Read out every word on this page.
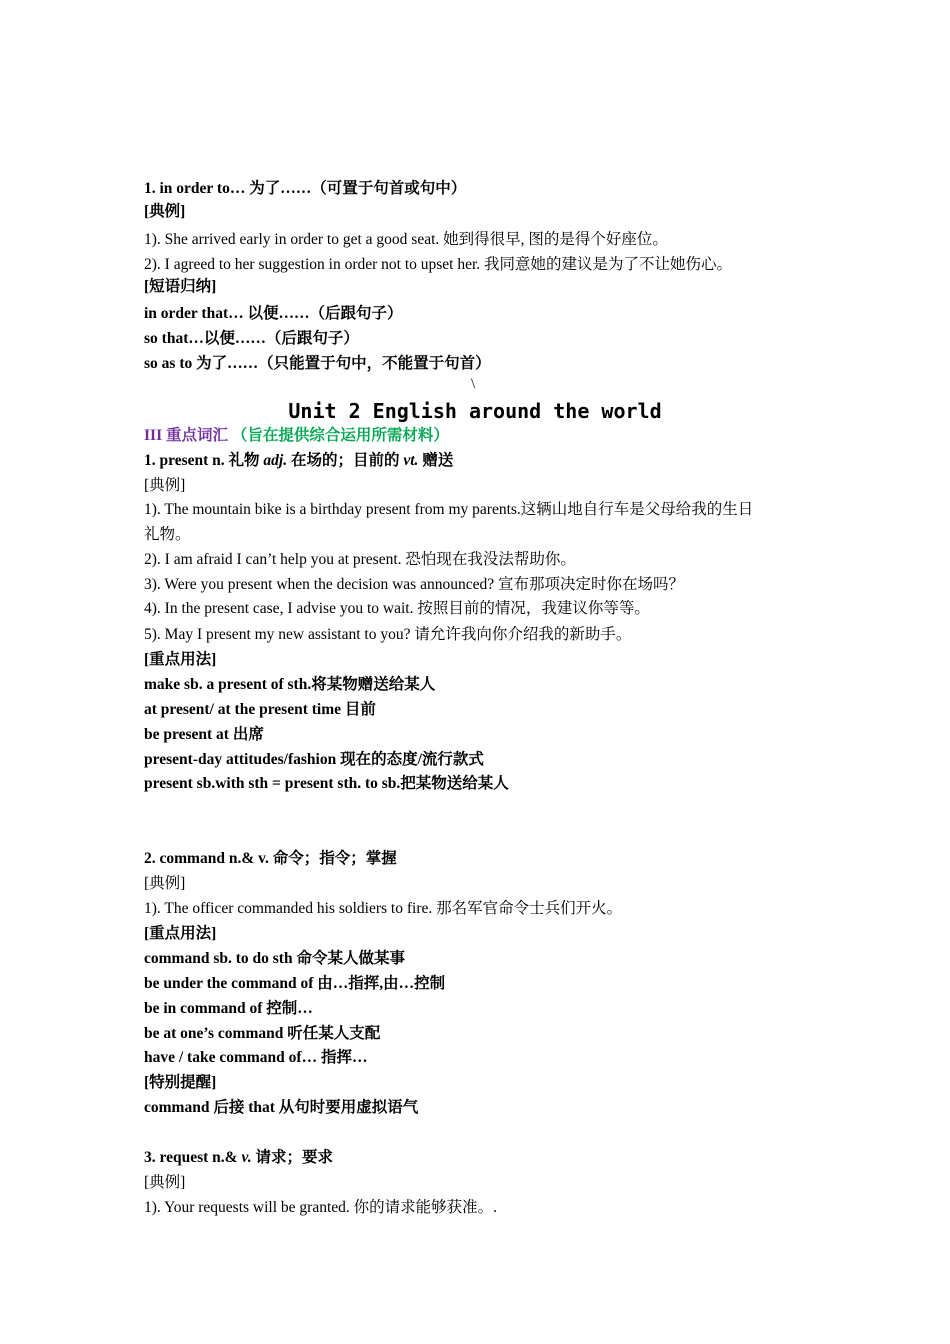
1. in order to… 为了……（可置于句首或句中）
[典例]
1). She arrived early in order to get a good seat. 她到得很早, 图的是得个好座位。
2). I agreed to her suggestion in order not to upset her. 我同意她的建议是为了不让她伤心。
[短语归纳]
in order that… 以便……（后跟句子）
so that…以便……（后跟句子）
so as to 为了……（只能置于句中，不能置于句首）
\
Unit 2 English around the world
III 重点词汇 （旨在提供综合运用所需材料）
1. present n. 礼物 adj. 在场的；目前的 vt. 赠送
[典例]
1). The mountain bike is a birthday present from my parents.这辆山地自行车是父母给我的生日
礼物。
2). I am afraid I can’t help you at present. 恐怕现在我没法帮助你。
3). Were you present when the decision was announced? 宣布那项决定时你在场吗？
4). In the present case, I advise you to wait. 按照目前的情况，我建议你等等。
5). May I present my new assistant to you? 请允许我向你介绍我的新助手。
[重点用法]
make sb. a present of sth.将某物赠送给某人
at present/ at the present time 目前
be present at 出席
present-day attitudes/fashion 现在的态度/流行款式
present sb.with sth = present sth. to sb.把某物送给某人
2. command n.& v. 命令；指令；掌握
[典例]
1). The officer commanded his soldiers to fire. 那名军官命令士兵们开火。
[重点用法]
command sb. to do sth 命令某人做某事
be under the command of 由…指挥,由…控制
be in command of 控制…
be at one’s command 听任某人支配
have / take command of… 指挥…
[特别提醒]
command 后接 that 从句时要用虚拟语气
3. request n.& v. 请求；要求
[典例]
1). Your requests will be granted. 你的请求能够获准。.
